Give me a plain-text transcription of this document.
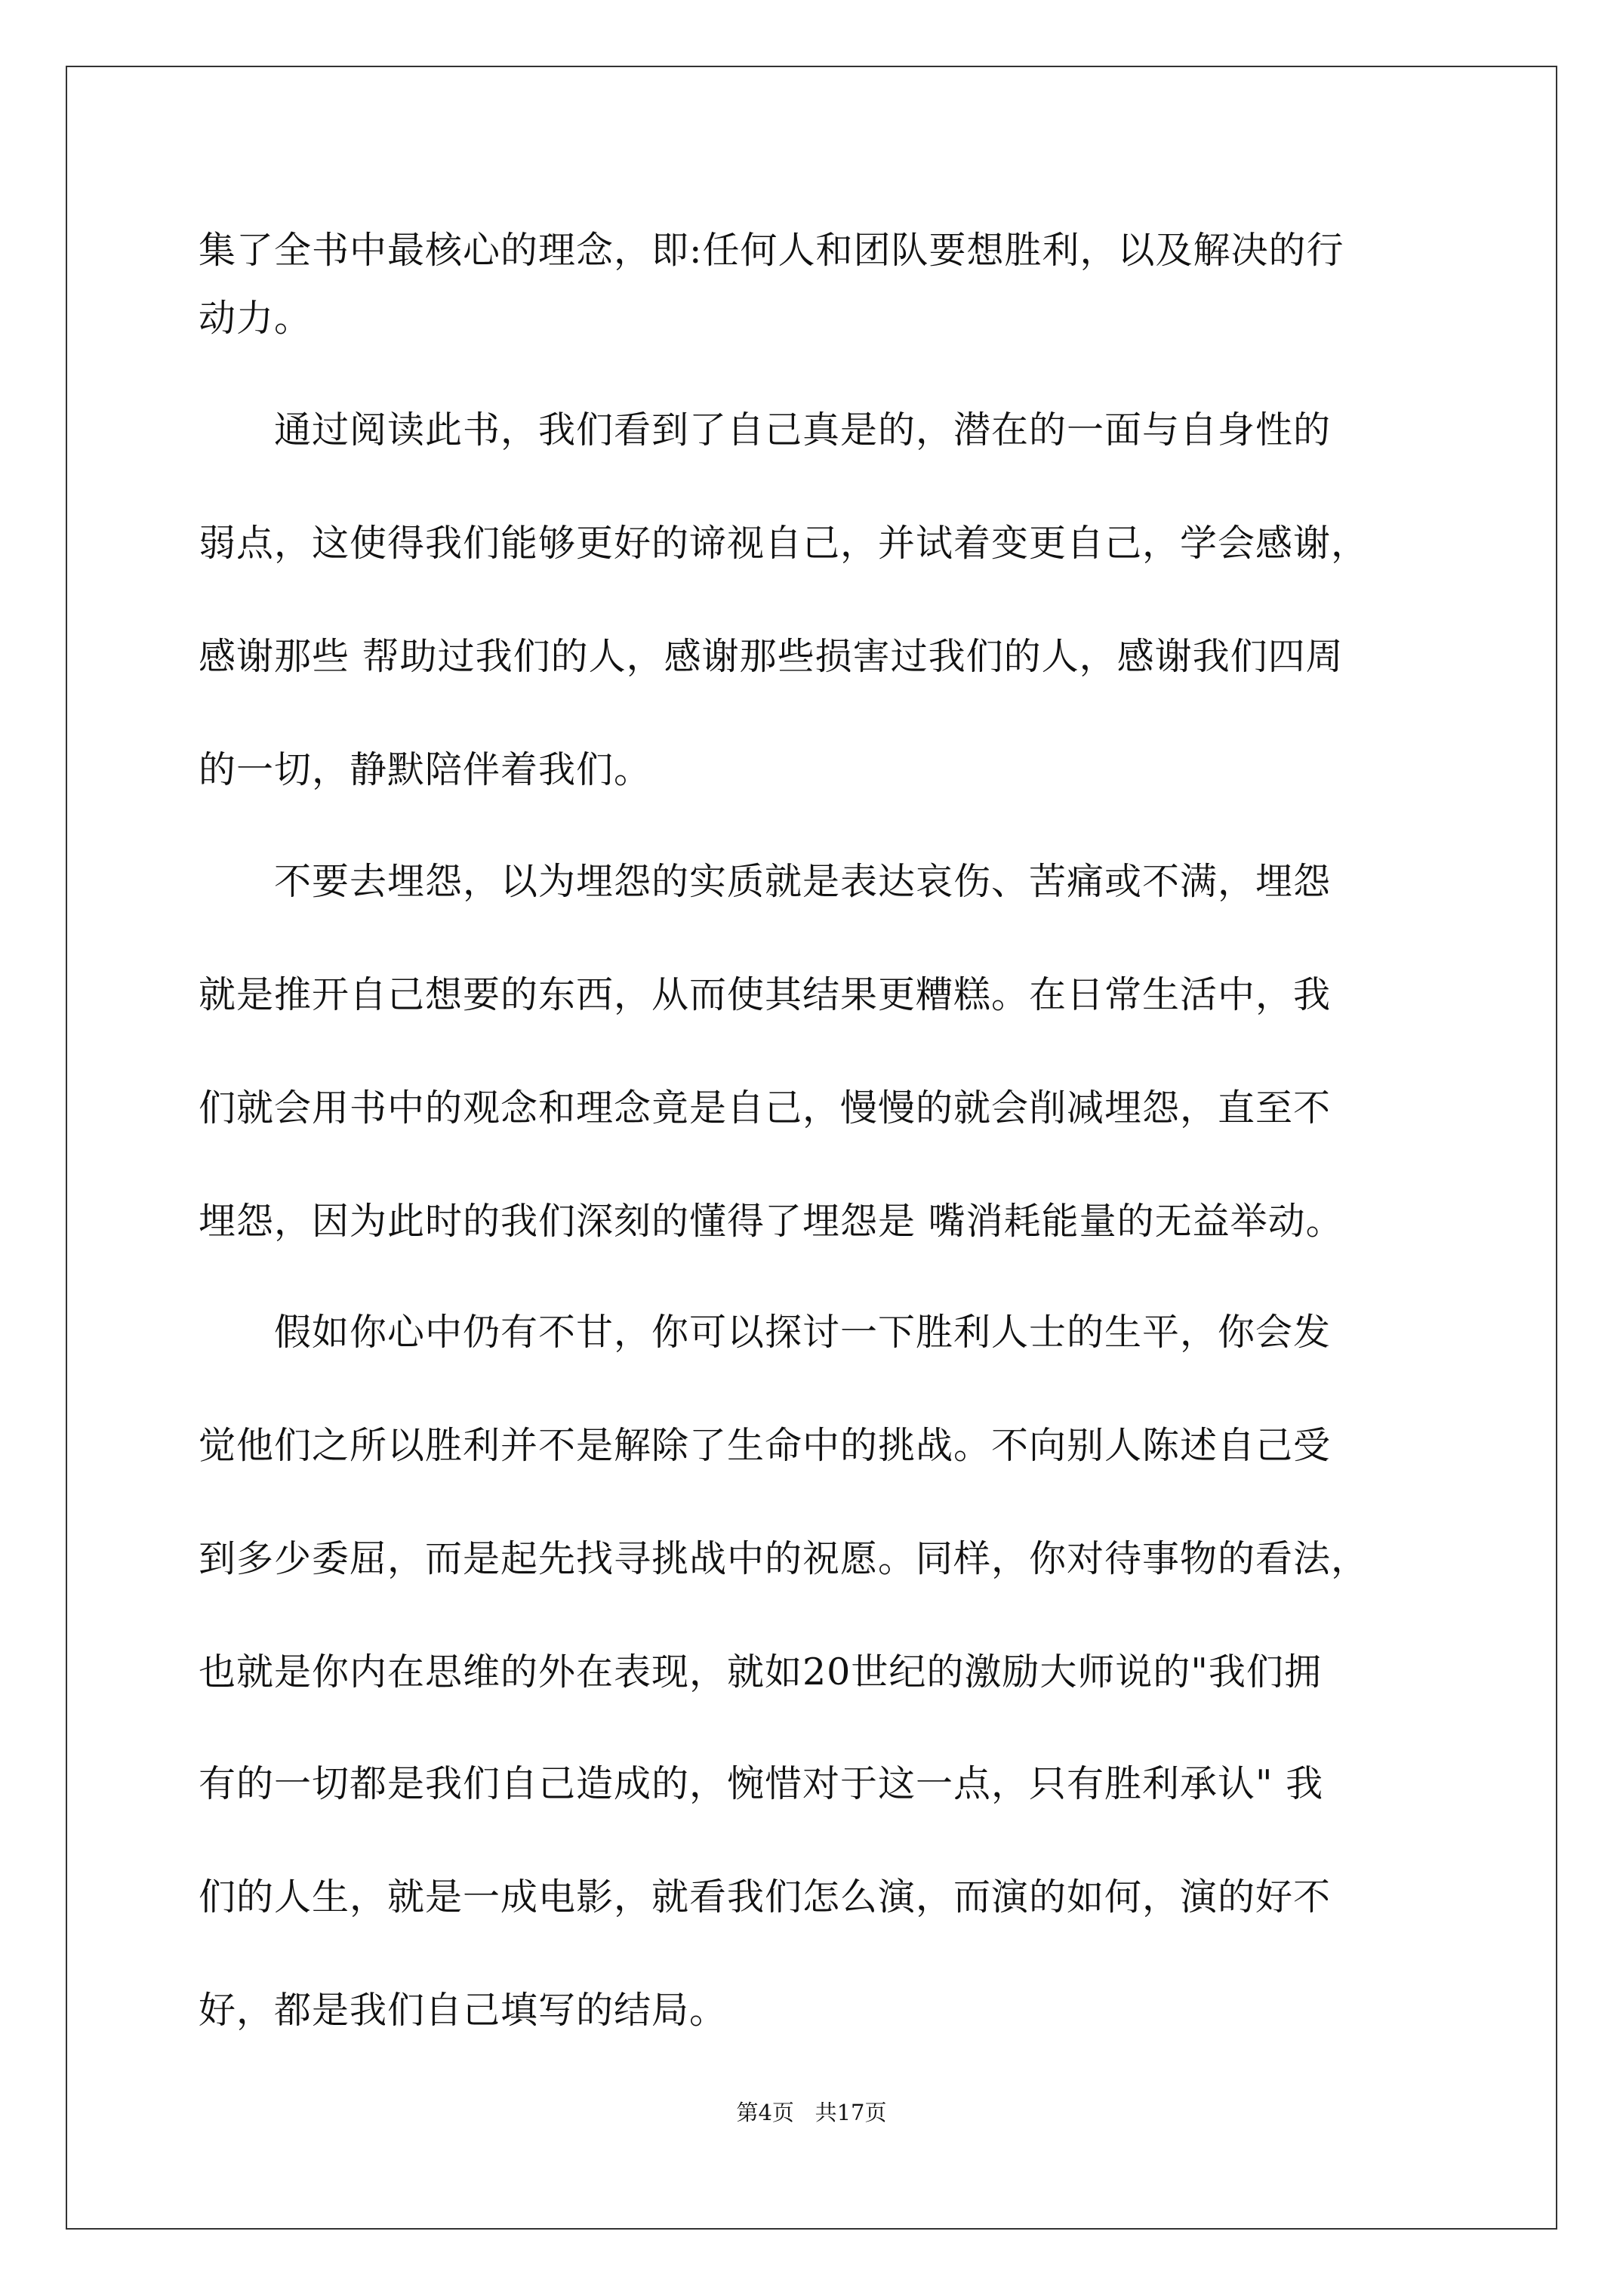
集了全书中最核心的理念，即:任何人和团队要想胜利，以及解决的行
动力。
　　通过阅读此书，我们看到了自己真是的，潜在的一面与自身性的
弱点，这使得我们能够更好的谛视自己，并试着变更自己，学会感谢，
感谢那些 帮助过我们的人，感谢那些损害过我们的人，感谢我们四周
的一切，静默陪伴着我们。
　　不要去埋怨，以为埋怨的实质就是表达哀伤、苦痛或不满，埋怨
就是推开自己想要的东西，从而使其结果更糟糕。在日常生活中，我
们就会用书中的观念和理念竟是自己，慢慢的就会削减埋怨，直至不
埋怨，因为此时的我们深刻的懂得了埋怨是 嘴消耗能量的无益举动。
　　假如你心中仍有不甘，你可以探讨一下胜利人士的生平，你会发
觉他们之所以胜利并不是解除了生命中的挑战。不向别人陈述自己受
到多少委屈，而是起先找寻挑战中的祝愿。同样，你对待事物的看法，
也就是你内在思维的外在表现，就如20世纪的激励大师说的"我们拥
有的一切都是我们自己造成的，惋惜对于这一点，只有胜利承认" 我
们的人生，就是一成电影，就看我们怎么演，而演的如何，演的好不
好，都是我们自己填写的结局。
第4页   共17页
